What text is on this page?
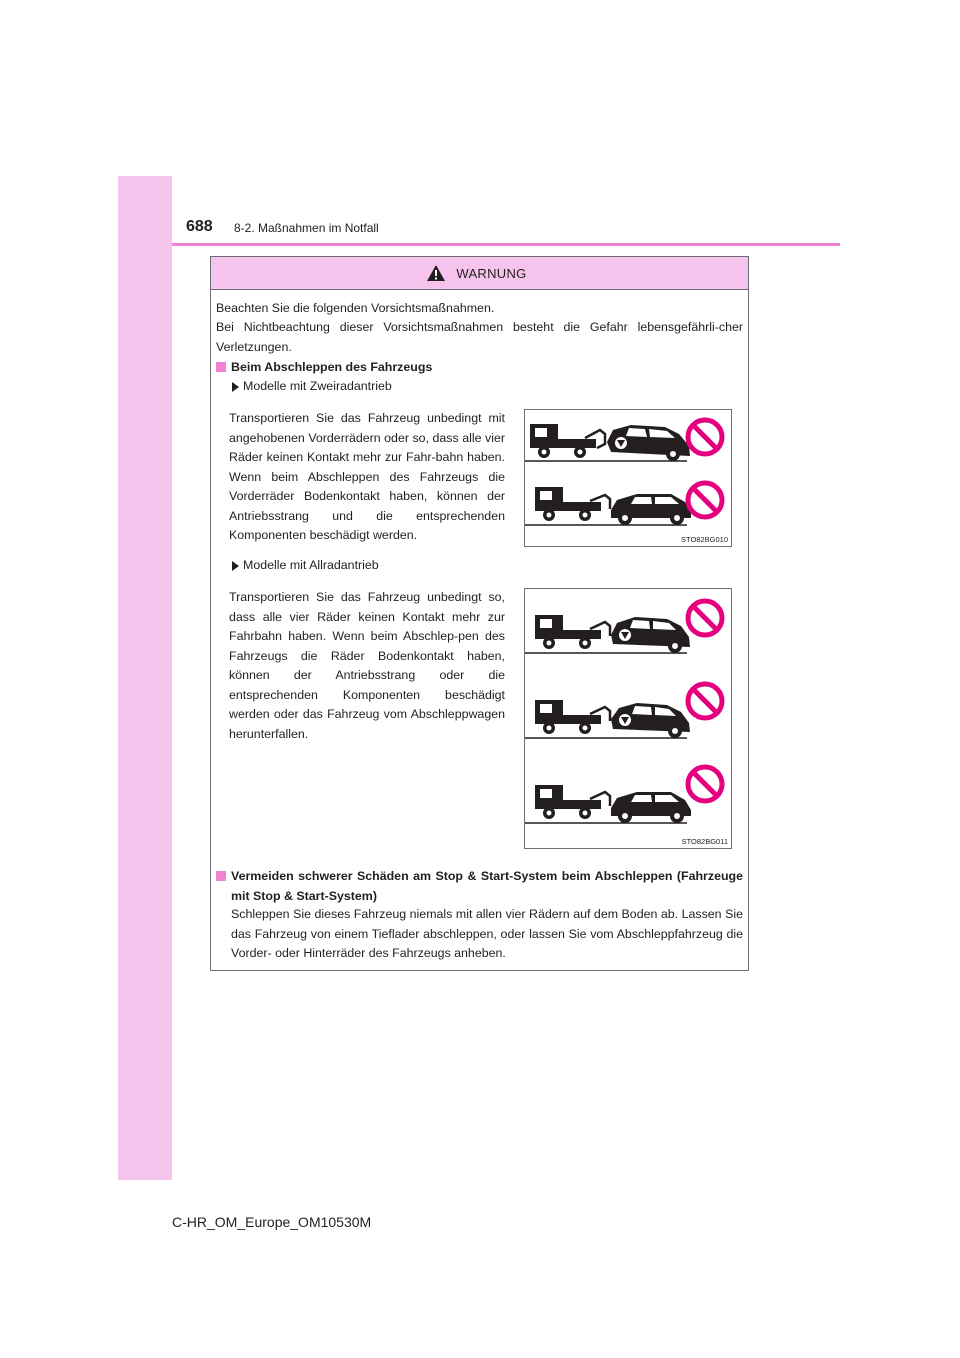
688 8-2. Maßnahmen im Notfall
WARNUNG
Beachten Sie die folgenden Vorsichtsmaßnahmen.
Bei Nichtbeachtung dieser Vorsichtsmaßnahmen besteht die Gefahr lebensgefährli-cher Verletzungen.
Beim Abschleppen des Fahrzeugs
Modelle mit Zweiradantrieb
Transportieren Sie das Fahrzeug unbedingt mit angehobenen Vorderrädern oder so, dass alle vier Räder keinen Kontakt mehr zur Fahr-bahn haben. Wenn beim Abschleppen des Fahrzeugs die Vorderräder Bodenkontakt haben, können der Antriebsstrang und die entsprechenden Komponenten beschädigt werden.	STO82BG010
Modelle mit Allradantrieb
Transportieren Sie das Fahrzeug unbedingt so, dass alle vier Räder keinen Kontakt mehr zur Fahrbahn haben. Wenn beim Abschlep-pen des Fahrzeugs die Räder Bodenkontakt haben, können der Antriebsstrang oder die entsprechenden Komponenten beschädigt werden oder das Fahrzeug vom Abschleppwagen herunterfallen.
STO82BG011
Vermeiden schwerer Schäden am Stop & Start-System beim Abschleppen (Fahrzeuge mit Stop & Start-System)
Schleppen Sie dieses Fahrzeug niemals mit allen vier Rädern auf dem Boden ab. Lassen Sie das Fahrzeug von einem Tieflader abschleppen, oder lassen Sie vom Abschleppfahrzeug die Vorder- oder Hinterräder des Fahrzeugs anheben.
C-HR_OM_Europe_OM10530M
